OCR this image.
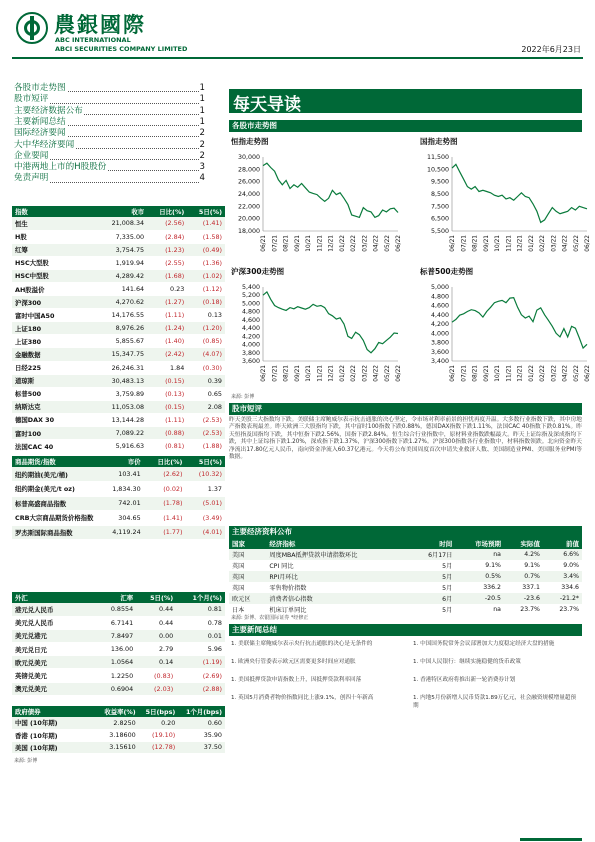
農銀國際
ABC INTERNATIONAL
ABCI SECURITIES COMPANY LIMITED	2022年6月23日
各股市走势图	1
股市短评	1
主要经济数据公布	1
主要新闻总结	1
国际经济要闻	2
大中华经济要闻	2
企业要闻	2
中港两地上市的H股股份	3
免责声明	4
指数	收市	日比(%)	5日(%)
恒生	21,008.34	(2.56)	(1.41)
H股	7,335.00	(2.84)	(1.58)
红筹	3,754.75	(1.23)	(0.49)
HSC大型股	1,919.94	(2.55)	(1.36)
HSC中型股	4,289.42	(1.68)	(1.02)
AH股溢价	141.64	0.23	(1.12)
沪深300	4,270.62	(1.27)	(0.18)
富时中国A50	14,176.55	(1.11)	0.13
上证180	8,976.26	(1.24)	(1.20)
上证380	5,855.67	(1.40)	(0.85)
金融数据	15,347.75	(2.42)	(4.07)
日经225	26,246.31	1.84	(0.30)
道琼斯	30,483.13	(0.15)	0.39
标普500	3,759.89	(0.13)	0.65
纳斯达克	11,053.08	(0.15)	2.08
德国DAX 30	13,144.28	(1.11)	(2.53)
富时100	7,089.22	(0.88)	(2.53)
法国CAC 40	5,916.63	(0.81)	(1.88)
商品期货/指数	市价	日比(%)	5日(%)
纽约期油(美元/桶)	103.41	(2.62)	(10.32)
纽约期金(美元/t oz)	1,834.30	(0.02)	1.37
标普高盛商品指数	742.01	(1.78)	(5.01)
CRB大宗商品期货价格指数	304.65	(1.41)	(3.49)
罗杰斯国际商品指数	4,119.24	(1.77)	(4.01)
外汇	汇率	5日(%)	1个月(%)
港元兑人民币	0.8554	0.44	0.81
美元兑人民币	6.7141	0.44	0.78
美元兑港元	7.8497	0.00	0.01
美元兑日元	136.00	2.79	5.96
欧元兑美元	1.0564	0.14	(1.19)
英镑兑美元	1.2250	(0.83)	(2.69)
澳元兑美元	0.6904	(2.03)	(2.88)
政府债券	收益率(%)	5日(bps)	1个月(bps)
中国 (10年期)	2.8250	0.20	0.60
香港 (10年期)	3.18600	(19.10)	35.90
美国 (10年期)	3.15610	(12.78)	37.50
来源: 彭博
每天导读
各股市走势图
恒指走势图
30,000
28,000
26,000
24,000
22,000
20,000
18,000
06/21 07/21 08/21 09/21 10/21 11/21 12/21 01/22 02/22 03/22 04/22 05/22 06/22
国指走势图
11,500
10,500
9,500
8,500
7,500
6,500
5,500
06/21 07/21 08/21 09/21 10/21 11/21 12/21 01/22 02/22 03/22 04/22 05/22 06/22
沪深300走势图
5,400
5,200
5,000
4,800
4,600
4,400
4,200
4,000
3,800
3,600
06/21 07/21 08/21 09/21 10/21 11/21 12/21 01/22 02/22 03/22 04/22 05/22 06/22
标普500走势图
5,000
4,800
4,600
4,400
4,200
4,000
3,800
3,600
3,400
06/21 07/21 08/21 09/21 10/21 11/21 12/21 01/22 02/22 03/22 04/22 05/22 06/22
来源: 彭博
股市短评
昨天美股三大指数均下跌。美联储主席鲍威尔表示抗击通胀的决心坚定，令市场对利率前景的担忧再度升温。大多数行业指数下跌，其中房地产指数表现最差。昨天欧洲三大股指均下跌，其中富时100指数下跌0.88%，德国DAX指数下跌1.11%，法国CAC 40指数下跌0.81%。昨天恒指及国指均下跌，其中恒指下跌2.56%，国指下跌2.84%。恒生综合行业指数中，原材料业指数跌幅最大。昨天上证综指及深成指均下跌，其中上证综指下跌1.20%，深成指下跌1.37%，沪深300指数下跌1.27%。沪深300指数各行业指数中，材料指数领跌。北向资金昨天净流出17.80亿元人民币，南向资金净流入60.37亿港元。今天将公布美国周度首次申请失业救济人数、美国制造业PMI、美国服务业PMI等数据。
主要经济资料公布
国家	经济指标	时间	市场预期	实际值	前值
美国	周度MBA抵押贷款申请指数环比	6月17日	na	4.2%	6.6%
英国	CPI 同比	5月	9.1%	9.1%	9.0%
英国	RPI月环比	5月	0.5%	0.7%	3.4%
英国	零售物价指数	5月	336.2	337.1	334.6
欧元区	消费者信心指数	6月	-20.5	-23.6	-21.2*
日本	机床订单同比	5月	na	23.7%	23.7%
来源: 彭博、农银国际证券 *经修正
主要新闻总结
1. 美联储主席鲍威尔表示央行抗击通胀的决心是无条件的
1. 欧洲央行管委表示欧元区需要更多时间应对通胀
1. 美国抵押贷款申请指数上升，因抵押贷款利率回落
1. 英国5月消费者物价指数同比上涨9.1%，创四十年新高
1. 中国国务院常务会议部署加大力度稳定经济大盘的措施
1. 中国人民银行：继续实施稳健的货币政策
1. 香港特区政府将推出新一轮消费券计划
1. 内地5月份新增人民币贷款1.89万亿元，社会融资规模增量超预期
